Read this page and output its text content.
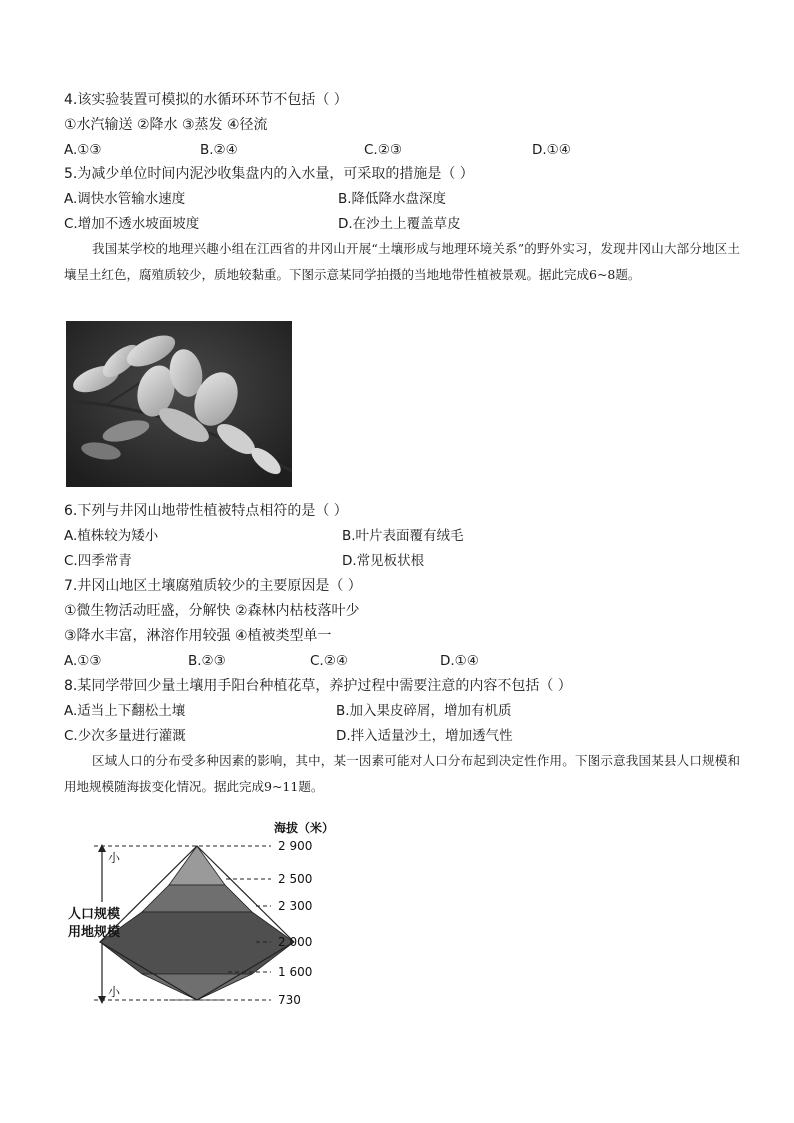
4.该实验装置可模拟的水循环环节不包括（ ）
①水汽输送 ②降水 ③蒸发 ④径流
A.①③	B.②④	C.②③	D.①④
5.为减少单位时间内泥沙收集盘内的入水量，可采取的措施是（ ）
A.调快水管输水速度	B.降低降水盘深度
C.增加不透水坡面坡度	D.在沙土上覆盖草皮
我国某学校的地理兴趣小组在江西省的井冈山开展“土壤形成与地理环境关系”的野外实习，发现井冈山大部分地区土壤呈土红色，腐殖质较少，质地较黏重。下图示意某同学拍摄的当地地带性植被景观。据此完成6~8题。
6.下列与井冈山地带性植被特点相符的是（ ）
A.植株较为矮小	B.叶片表面覆有绒毛
C.四季常青	D.常见板状根
7.井冈山地区土壤腐殖质较少的主要原因是（ ）
①微生物活动旺盛，分解快 ②森林内枯枝落叶少
③降水丰富，淋溶作用较强 ④植被类型单一
A.①③	B.②③	C.②④	D.①④
8.某同学带回少量土壤用手阳台种植花草，养护过程中需要注意的内容不包括（ ）
A.适当上下翻松土壤	B.加入果皮碎屑，增加有机质
C.少次多量进行灌溉	D.拌入适量沙土，增加透气性
区域人口的分布受多种因素的影响，其中，某一因素可能对人口分布起到决定性作用。下图示意我国某县人口规模和用地规模随海拔变化情况。据此完成9~11题。
海拔（米）
小
小
人口规模
用地规模
2 900
2 500
2 300
2 000
1 600
730
